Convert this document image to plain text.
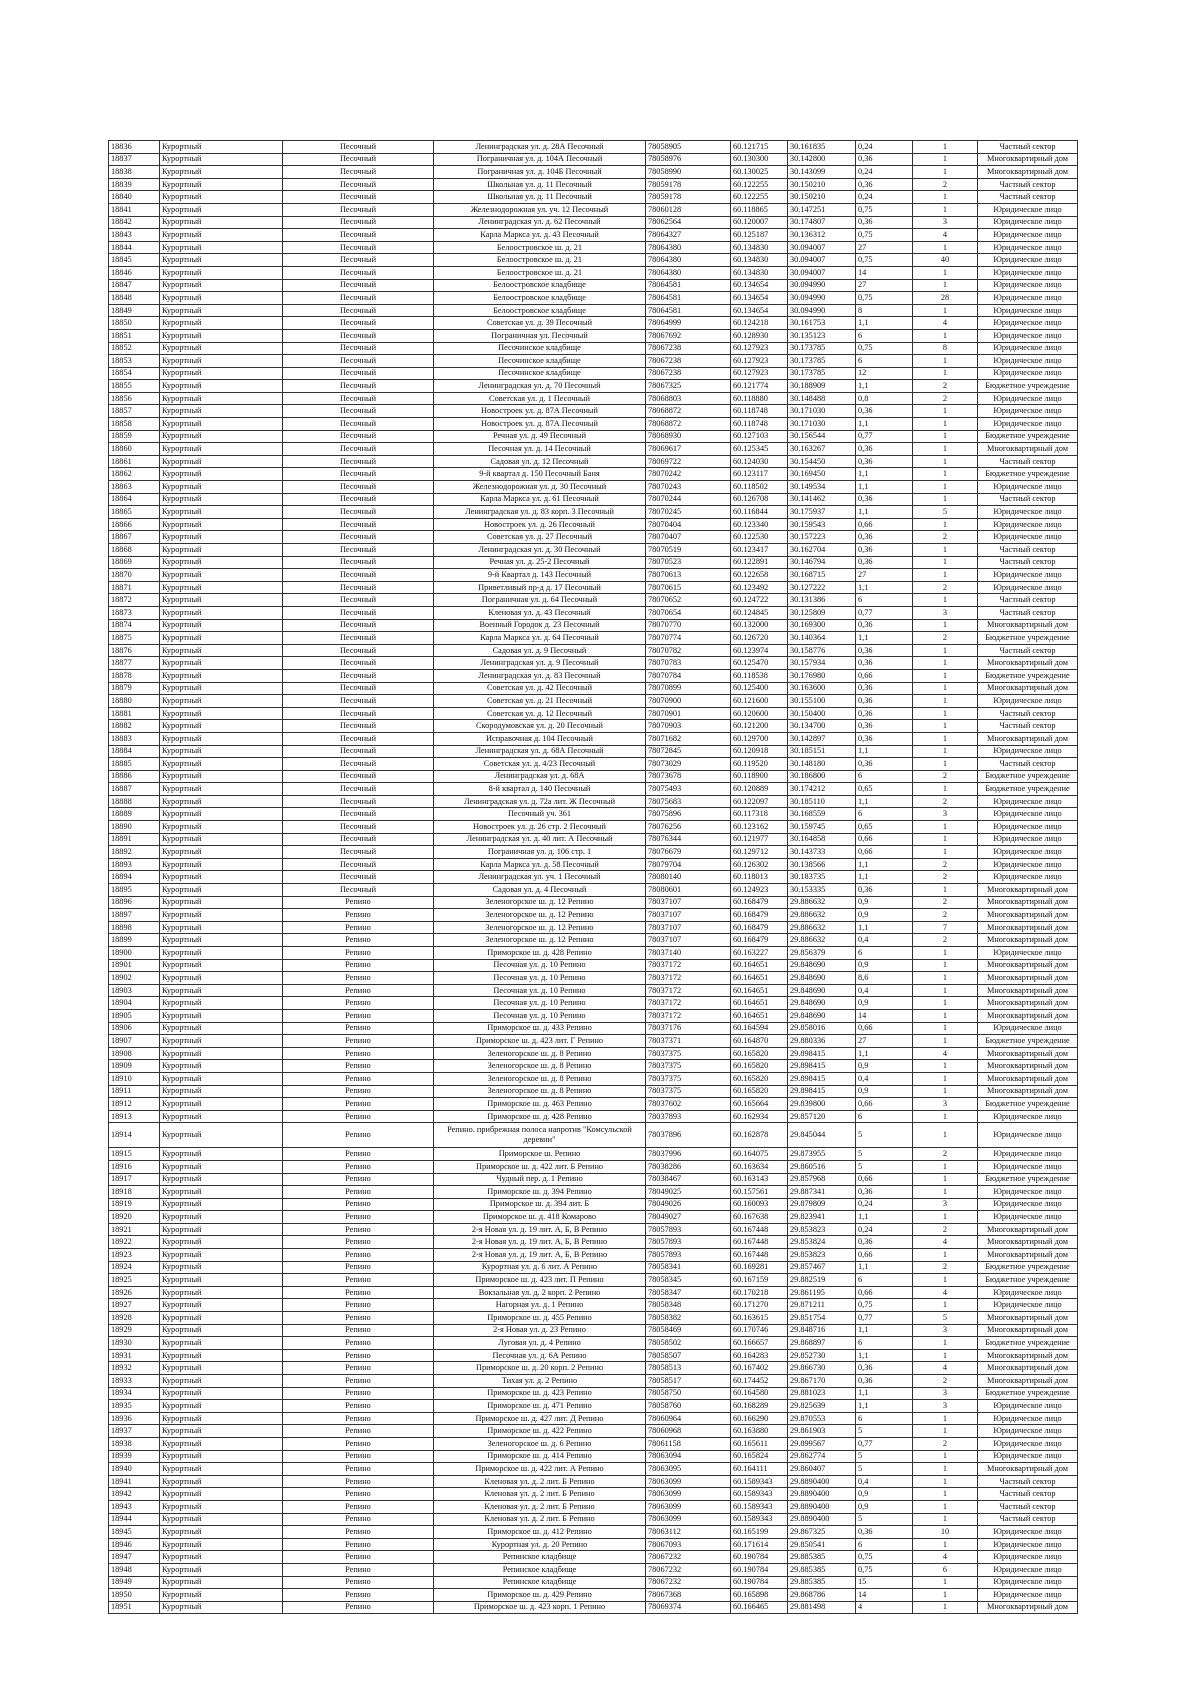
18836	Курортный	Песочный	Ленинградская ул. д. 28А Песочный	78058905	60.121715	30.161835	0,24	1	Частный сектор
18837	Курортный	Песочный	Пограничная ул. д. 104А Песочный	78058976	60.130300	30.142800	0,36	1	Многоквартирный дом
18838	Курортный	Песочный	Пограничная ул. д. 104Б Песочный	78058990	60.130025	30.143099	0,24	1	Многоквартирный дом
18839	Курортный	Песочный	Школьная ул. д. 11 Песочный	78059178	60.122255	30.150210	0,36	2	Частный сектор
18840	Курортный	Песочный	Школьная ул. д. 11 Песочный	78059178	60.122255	30.150210	0,24	1	Частный сектор
18841	Курортный	Песочный	Железнодорожная ул. уч. 12 Песочный	78060128	60.118865	30.147251	0,75	1	Юридическое лицо
18842	Курортный	Песочный	Ленинградская ул. д. 62 Песочный	78062564	60.120007	30.174807	0,36	3	Юридическое лицо
18843	Курортный	Песочный	Карла Маркса ул. д. 43 Песочный	78064327	60.125187	30.136312	0,75	4	Юридическое лицо
18844	Курортный	Песочный	Белоостровское ш. д. 21	78064380	60.134830	30.094007	27	1	Юридическое лицо
18845	Курортный	Песочный	Белоостровское ш. д. 21	78064380	60.134830	30.094007	0,75	40	Юридическое лицо
18846	Курортный	Песочный	Белоостровское ш. д. 21	78064380	60.134830	30.094007	14	1	Юридическое лицо
18847	Курортный	Песочный	Белоостровское кладбище	78064581	60.134654	30.094990	27	1	Юридическое лицо
18848	Курортный	Песочный	Белоостровское кладбище	78064581	60.134654	30.094990	0,75	28	Юридическое лицо
18849	Курортный	Песочный	Белоостровское кладбище	78064581	60.134654	30.094990	8	1	Юридическое лицо
18850	Курортный	Песочный	Советская ул. д. 39 Песочный	78064999	60.124218	30.161753	1,1	4	Юридическое лицо
18851	Курортный	Песочный	Пограничная ул. Песочный	78067692	60.128930	30.135123	6	1	Юридическое лицо
18852	Курортный	Песочный	Песочинское кладбище	78067238	60.127923	30.173785	0,75	8	Юридическое лицо
18853	Курортный	Песочный	Песочинское кладбище	78067238	60.127923	30.173785	6	1	Юридическое лицо
18854	Курортный	Песочный	Песочинское кладбище	78067238	60.127923	30.173785	12	1	Юридическое лицо
18855	Курортный	Песочный	Ленинградская ул. д. 70 Песочный	78067325	60.121774	30.188909	1,1	2	Бюджетное учреждение
18856	Курортный	Песочный	Советская ул. д. 1 Песочный	78068803	60.118880	30.148488	0,8	2	Юридическое лицо
18857	Курортный	Песочный	Новостроек ул. д. 87А Песочный	78068872	60.118748	30.171030	0,36	1	Юридическое лицо
18858	Курортный	Песочный	Новостроек ул. д. 87А Песочный	78068872	60.118748	30.171030	1,1	1	Юридическое лицо
18859	Курортный	Песочный	Речная ул. д. 49 Песочный	78068930	60.127103	30.156544	0,77	1	Бюджетное учреждение
18860	Курортный	Песочный	Песочная ул. д. 14 Песочный	78069617	60.125345	30.163267	0,36	1	Многоквартирный дом
18861	Курортный	Песочный	Садовая ул. д. 12 Песочный	78069722	60.124030	30.154450	0,36	1	Частный сектор
18862	Курортный	Песочный	9-й квартал д. 150 Песочный Баня	78070242	60.123117	30.169450	1,1	1	Бюджетное учреждение
18863	Курортный	Песочный	Железнодорожная ул. д. 30 Песочный	78070243	60.118502	30.149534	1,1	1	Юридическое лицо
18864	Курортный	Песочный	Карла Маркса ул. д. 61 Песочный	78070244	60.126708	30.141462	0,36	1	Частный сектор
18865	Курортный	Песочный	Ленинградская ул. д. 83 корп. 3 Песочный	78070245	60.116844	30.175937	1,1	5	Юридическое лицо
18866	Курортный	Песочный	Новостроек ул. д. 26 Песочный	78070404	60.123340	30.159543	0,66	1	Юридическое лицо
18867	Курортный	Песочный	Советская ул. д. 27 Песочный	78070407	60.122530	30.157223	0,36	2	Юридическое лицо
18868	Курортный	Песочный	Ленинградская ул. д. 30 Песочный	78070519	60.123417	30.162704	0,36	1	Частный сектор
18869	Курортный	Песочный	Речная ул. д. 25-2 Песочный	78070523	60.122891	30.146794	0,36	1	Частный сектор
18870	Курортный	Песочный	9-й Квартал д. 143 Песочный	78070613	60.122658	30.168715	27	1	Юридическое лицо
18871	Курортный	Песочный	Приветливый пр-д д. 17 Песочный	78070615	60.123492	30.127222	1,1	2	Юридическое лицо
18872	Курортный	Песочный	Пограничная ул. д. 64 Песочный	78070652	60.124722	30.131386	6	1	Частный сектор
18873	Курортный	Песочный	Кленовая ул. д. 43 Песочный	78070654	60.124845	30.125809	0,77	3	Частный сектор
18874	Курортный	Песочный	Военный Городок д. 23 Песочный	78070770	60.132000	30.169300	0,36	1	Многоквартирный дом
18875	Курортный	Песочный	Карла Маркса ул. д. 64 Песочный	78070774	60.126720	30.140364	1,1	2	Бюджетное учреждение
18876	Курортный	Песочный	Садовая ул. д. 9 Песочный	78070782	60.123974	30.158776	0,36	1	Частный сектор
18877	Курортный	Песочный	Ленинградская ул. д. 9 Песочный	78070783	60.125470	30.157934	0,36	1	Многоквартирный дом
18878	Курортный	Песочный	Ленинградская ул. д. 83 Песочный	78070784	60.118538	30.176980	0,66	1	Бюджетное учреждение
18879	Курортный	Песочный	Советская ул. д. 42 Песочный	78070899	60.125400	30.163600	0,36	1	Многоквартирный дом
18880	Курортный	Песочный	Советская ул. д. 21 Песочный	78070900	60.121600	30.155100	0,36	1	Юридическое лицо
18881	Курортный	Песочный	Советская ул. д. 12 Песочный	78070901	60.120600	30.150400	0,36	1	Частный сектор
18882	Курортный	Песочный	Скородумовская ул. д. 20 Песочный	78070903	60.121200	30.134700	0,36	1	Частный сектор
18883	Курортный	Песочный	Исправочная д. 104 Песочный	78071682	60.129700	30.142897	0,36	1	Многоквартирный дом
18884	Курортный	Песочный	Ленинградская ул. д. 68А Песочный	78072845	60.120918	30.185151	1,1	1	Юридическое лицо
18885	Курортный	Песочный	Советская ул. д. 4/23 Песочный	78073029	60.119520	30.148180	0,36	1	Частный сектор
18886	Курортный	Песочный	Ленинградская ул. д. 68А	78073678	60.118900	30.186800	6	2	Бюджетное учреждение
18887	Курортный	Песочный	8-й квартал д. 140 Песочный	78075493	60.120889	30.174212	0,65	1	Бюджетное учреждение
18888	Курортный	Песочный	Ленинградская ул. д. 72а лит. Ж Песочный	78075683	60.122097	30.185110	1,1	2	Юридическое лицо
18889	Курортный	Песочный	Песочный уч. 361	78075896	60.117318	30.168559	6	3	Юридическое лицо
18890	Курортный	Песочный	Новостроек ул. д. 26 стр. 2 Песочный	78076256	60.123162	30.159745	0,65	1	Юридическое лицо
18891	Курортный	Песочный	Ленинградская ул. д. 40 лит. А Песочный	78076344	60.121977	30.164858	0,66	1	Юридическое лицо
18892	Курортный	Песочный	Пограничная ул. д. 106 стр. 1	78076679	60.129712	30.143733	0,66	1	Юридическое лицо
18893	Курортный	Песочный	Карла Маркса ул. д. 58 Песочный	78079704	60.126302	30.138566	1,1	2	Юридическое лицо
18894	Курортный	Песочный	Ленинградская ул. уч. 1 Песочный	78080140	60.118013	30.183735	1,1	2	Юридическое лицо
18895	Курортный	Песочный	Садовая ул. д. 4 Песочный	78080601	60.124923	30.153335	0,36	1	Многоквартирный дом
18896	Курортный	Репино	Зеленогорское ш. д. 12 Репино	78037107	60.168479	29.886632	0,9	2	Многоквартирный дом
18897	Курортный	Репино	Зеленогорское ш. д. 12 Репино	78037107	60.168479	29.886632	0,9	2	Многоквартирный дом
18898	Курортный	Репино	Зеленогорское ш. д. 12 Репино	78037107	60.168479	29.886632	1,1	7	Многоквартирный дом
18899	Курортный	Репино	Зеленогорское ш. д. 12 Репино	78037107	60.168479	29.886632	0,4	2	Многоквартирный дом
18900	Курортный	Репино	Приморское ш. д. 428 Репино	78037140	60.163227	29.856379	6	1	Юридическое лицо
18901	Курортный	Репино	Песочная ул. д. 10 Репино	78037172	60.164651	29.848690	0,9	1	Многоквартирный дом
18902	Курортный	Репино	Песочная ул. д. 10 Репино	78037172	60.164651	29.848690	8,6	1	Многоквартирный дом
18903	Курортный	Репино	Песочная ул. д. 10 Репино	78037172	60.164651	29.848690	0,4	1	Многоквартирный дом
18904	Курортный	Репино	Песочная ул. д. 10 Репино	78037172	60.164651	29.848690	0,9	1	Многоквартирный дом
18905	Курортный	Репино	Песочная ул. д. 10 Репино	78037172	60.164651	29.848690	14	1	Многоквартирный дом
18906	Курортный	Репино	Приморское ш. д. 433 Репино	78037176	60.164594	29.858016	0,66	1	Юридическое лицо
18907	Курортный	Репино	Приморское ш. д. 423 лит. Г Репино	78037371	60.164870	29.880336	27	1	Бюджетное учреждение
18908	Курортный	Репино	Зеленогорское ш. д. 8 Репино	78037375	60.165820	29.898415	1,1	4	Многоквартирный дом
18909	Курортный	Репино	Зеленогорское ш. д. 8 Репино	78037375	60.165820	29.898415	0,9	1	Многоквартирный дом
18910	Курортный	Репино	Зеленогорское ш. д. 8 Репино	78037375	60.165820	29.898415	0,4	1	Многоквартирный дом
18911	Курортный	Репино	Зеленогорское ш. д. 8 Репино	78037375	60.165820	29.898415	0,9	1	Многоквартирный дом
18912	Курортный	Репино	Приморское ш. д. 463 Репино	78037602	60.165664	29.839800	0,66	3	Бюджетное учреждение
18913	Курортный	Репино	Приморское ш. д. 428 Репино	78037893	60.162934	29.857120	6	1	Юридическое лицо
18914	Курортный	Репино	Репино. прибрежная полоса напротив "Комсульской деревни"	78037896	60.162878	29.845044	5	1	Юридическое лицо
18915	Курортный	Репино	Приморское ш. Репино	78037996	60.164075	29.873955	5	2	Юридическое лицо
18916	Курортный	Репино	Приморское ш. д. 422 лит. Б Репино	78038286	60.163634	29.860516	5	1	Юридическое лицо
18917	Курортный	Репино	Чудный пер. д. 1 Репино	78038467	60.163143	29.857968	0,66	1	Бюджетное учреждение
18918	Курортный	Репино	Приморское ш. д. 394 Репино	78049025	60.157561	29.887341	0,36	1	Юридическое лицо
18919	Курортный	Репино	Приморское ш. д. 394 лит. Б	78049026	60.160093	29.879809	0,24	3	Юридическое лицо
18920	Курортный	Репино	Приморское ш. д. 418 Комарово	78049027	60.167638	29.823941	1,1	1	Юридическое лицо
18921	Курортный	Репино	2-я Новая ул. д. 19 лит. А, Б, В Репино	78057893	60.167448	29.853823	0,24	2	Многоквартирный дом
18922	Курортный	Репино	2-я Новая ул. д. 19 лит. А, Б, В Репино	78057893	60.167448	29.853824	0,36	4	Многоквартирный дом
18923	Курортный	Репино	2-я Новая ул. д. 19 лит. А, Б, В Репино	78057893	60.167448	29.853823	0,66	1	Многоквартирный дом
18924	Курортный	Репино	Курортная ул. д. 6 лит. А Репино	78058341	60.169281	29.857467	1,1	2	Бюджетное учреждение
18925	Курортный	Репино	Приморское ш. д. 423 лит. П Репино	78058345	60.167159	29.882519	6	1	Бюджетное учреждение
18926	Курортный	Репино	Вокзальная ул. д. 2 корп. 2 Репино	78058347	60.170218	29.861195	0,66	4	Юридическое лицо
18927	Курортный	Репино	Нагорная ул. д. 1 Репино	78058348	60.171270	29.871211	0,75	1	Юридическое лицо
18928	Курортный	Репино	Приморское ш. д. 455 Репино	78058382	60.163615	29.851754	0,77	5	Многоквартирный дом
18929	Курортный	Репино	2-я Новая ул. д. 23 Репино	78058469	60.170746	29.848716	1,1	3	Многоквартирный дом
18930	Курортный	Репино	Луговая ул. д. 4 Репино	78058502	60.166657	29.868897	6	1	Бюджетное учреждение
18931	Курортный	Репино	Песочная ул. д. 6А Репино	78058507	60.164283	29.852730	1,1	1	Многоквартирный дом
18932	Курортный	Репино	Приморское ш. д. 20 корп. 2 Репино	78058513	60.167402	29.866730	0,36	4	Многоквартирный дом
18933	Курортный	Репино	Тихая ул. д. 2 Репино	78058517	60.174452	29.867170	0,36	2	Многоквартирный дом
18934	Курортный	Репино	Приморское ш. д. 423 Репино	78058750	60.164580	29.881023	1,1	3	Бюджетное учреждение
18935	Курортный	Репино	Приморское ш. д. 471 Репино	78058760	60.168289	29.825639	1,1	3	Юридическое лицо
18936	Курортный	Репино	Приморское ш. д. 427 лит. Д Репино	78060964	60.166290	29.870553	6	1	Юридическое лицо
18937	Курортный	Репино	Приморское ш. д. 422 Репино	78060968	60.163880	29.861903	5	1	Юридическое лицо
18938	Курортный	Репино	Зеленогорское ш. д. 6 Репино	78061158	60.165611	29.899567	0,77	2	Юридическое лицо
18939	Курортный	Репино	Приморское ш. д. 414 Репино	78063094	60.165824	29.862774	5	1	Юридическое лицо
18940	Курортный	Репино	Приморское ш. д. 422 лит. А Репино	78063095	60.164111	29.860407	5	1	Многоквартирный дом
18941	Курортный	Репино	Кленовая ул. д. 2 лит. Б Репино	78063099	60.1589343	29.8890400	0,4	1	Частный сектор
18942	Курортный	Репино	Кленовая ул. д. 2 лит. Б Репино	78063099	60.1589343	29.8890400	0,9	1	Частный сектор
18943	Курортный	Репино	Кленовая ул. д. 2 лит. Б Репино	78063099	60.1589343	29.8890400	0,9	1	Частный сектор
18944	Курортный	Репино	Кленовая ул. д. 2 лит. Б Репино	78063099	60.1589343	29.8890400	5	1	Частный сектор
18945	Курортный	Репино	Приморское ш. д. 412 Репино	78063112	60.165199	29.867325	0,36	10	Юридическое лицо
18946	Курортный	Репино	Курортная ул. д. 20 Репино	78067093	60.171614	29.850541	6	1	Юридическое лицо
18947	Курортный	Репино	Репинское кладбище	78067232	60.190784	29.885385	0,75	4	Юридическое лицо
18948	Курортный	Репино	Репинское кладбище	78067232	60.190784	29.885385	0,75	6	Юридическое лицо
18949	Курортный	Репино	Репинское кладбище	78067232	60.190784	29.885385	15	1	Юридическое лицо
18950	Курортный	Репино	Приморское ш. д. 429 Репино	78067368	60.165898	29.868786	14	1	Юридическое лицо
18951	Курортный	Репино	Приморское ш. д. 423 корп. 1 Репино	78069374	60.166465	29.881498	4	1	Многоквартирный дом
